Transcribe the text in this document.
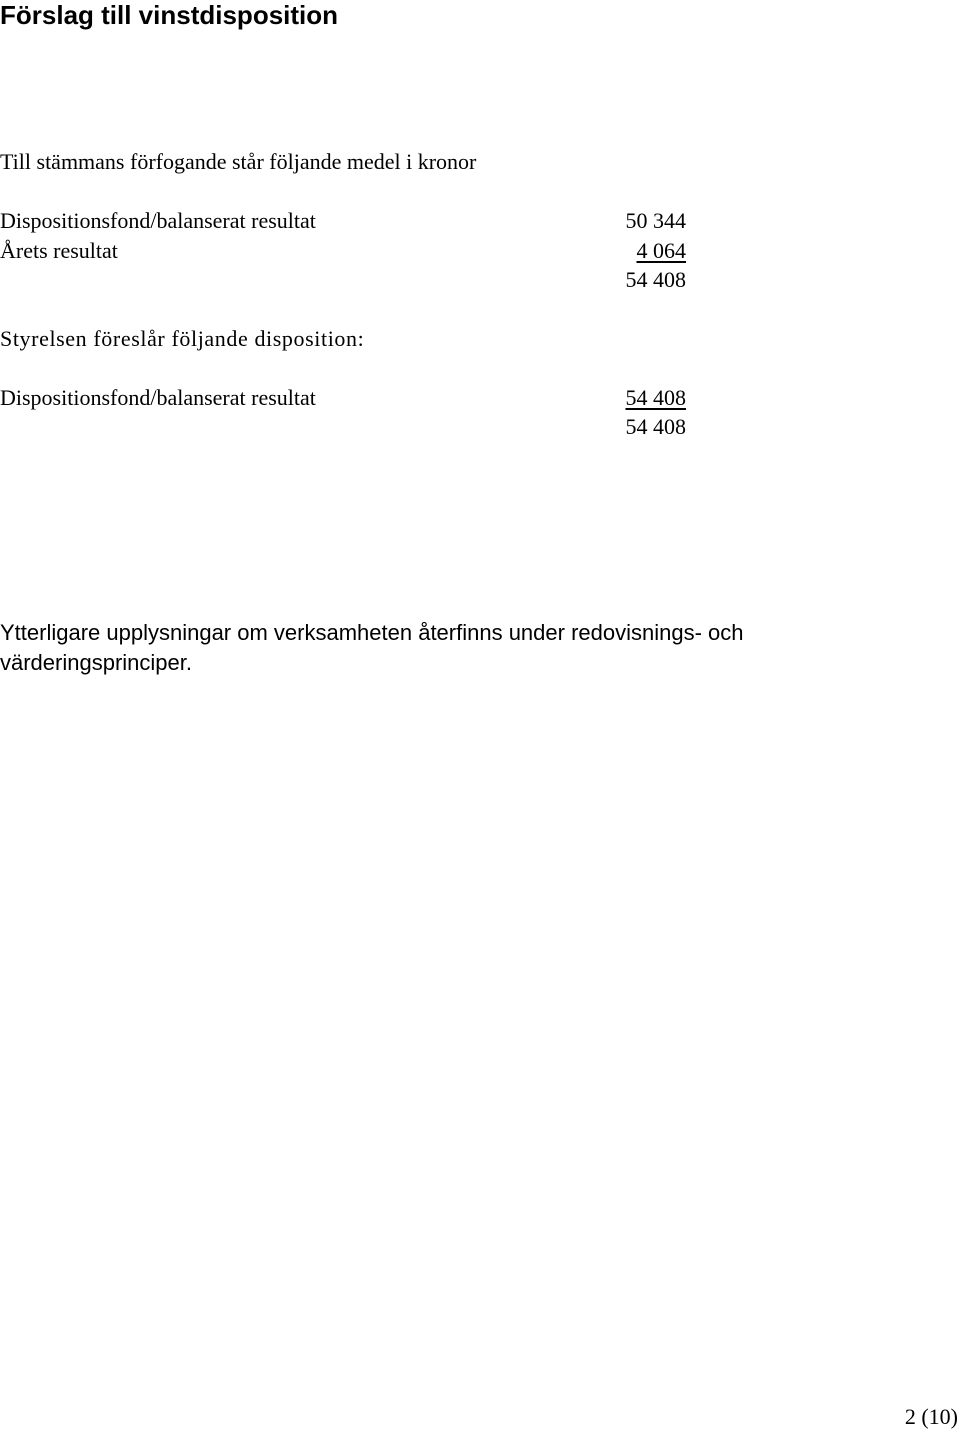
Förslag till vinstdisposition
Till stämmans förfogande står följande medel i kronor
Dispositionsfond/balanserat resultat	50 344
Årets resultat	4 064
54 408
Styrelsen föreslår följande disposition:
Dispositionsfond/balanserat resultat	54 408
54 408
Ytterligare upplysningar om verksamheten återfinns under redovisnings- och värderingsprinciper.
2 (10)
